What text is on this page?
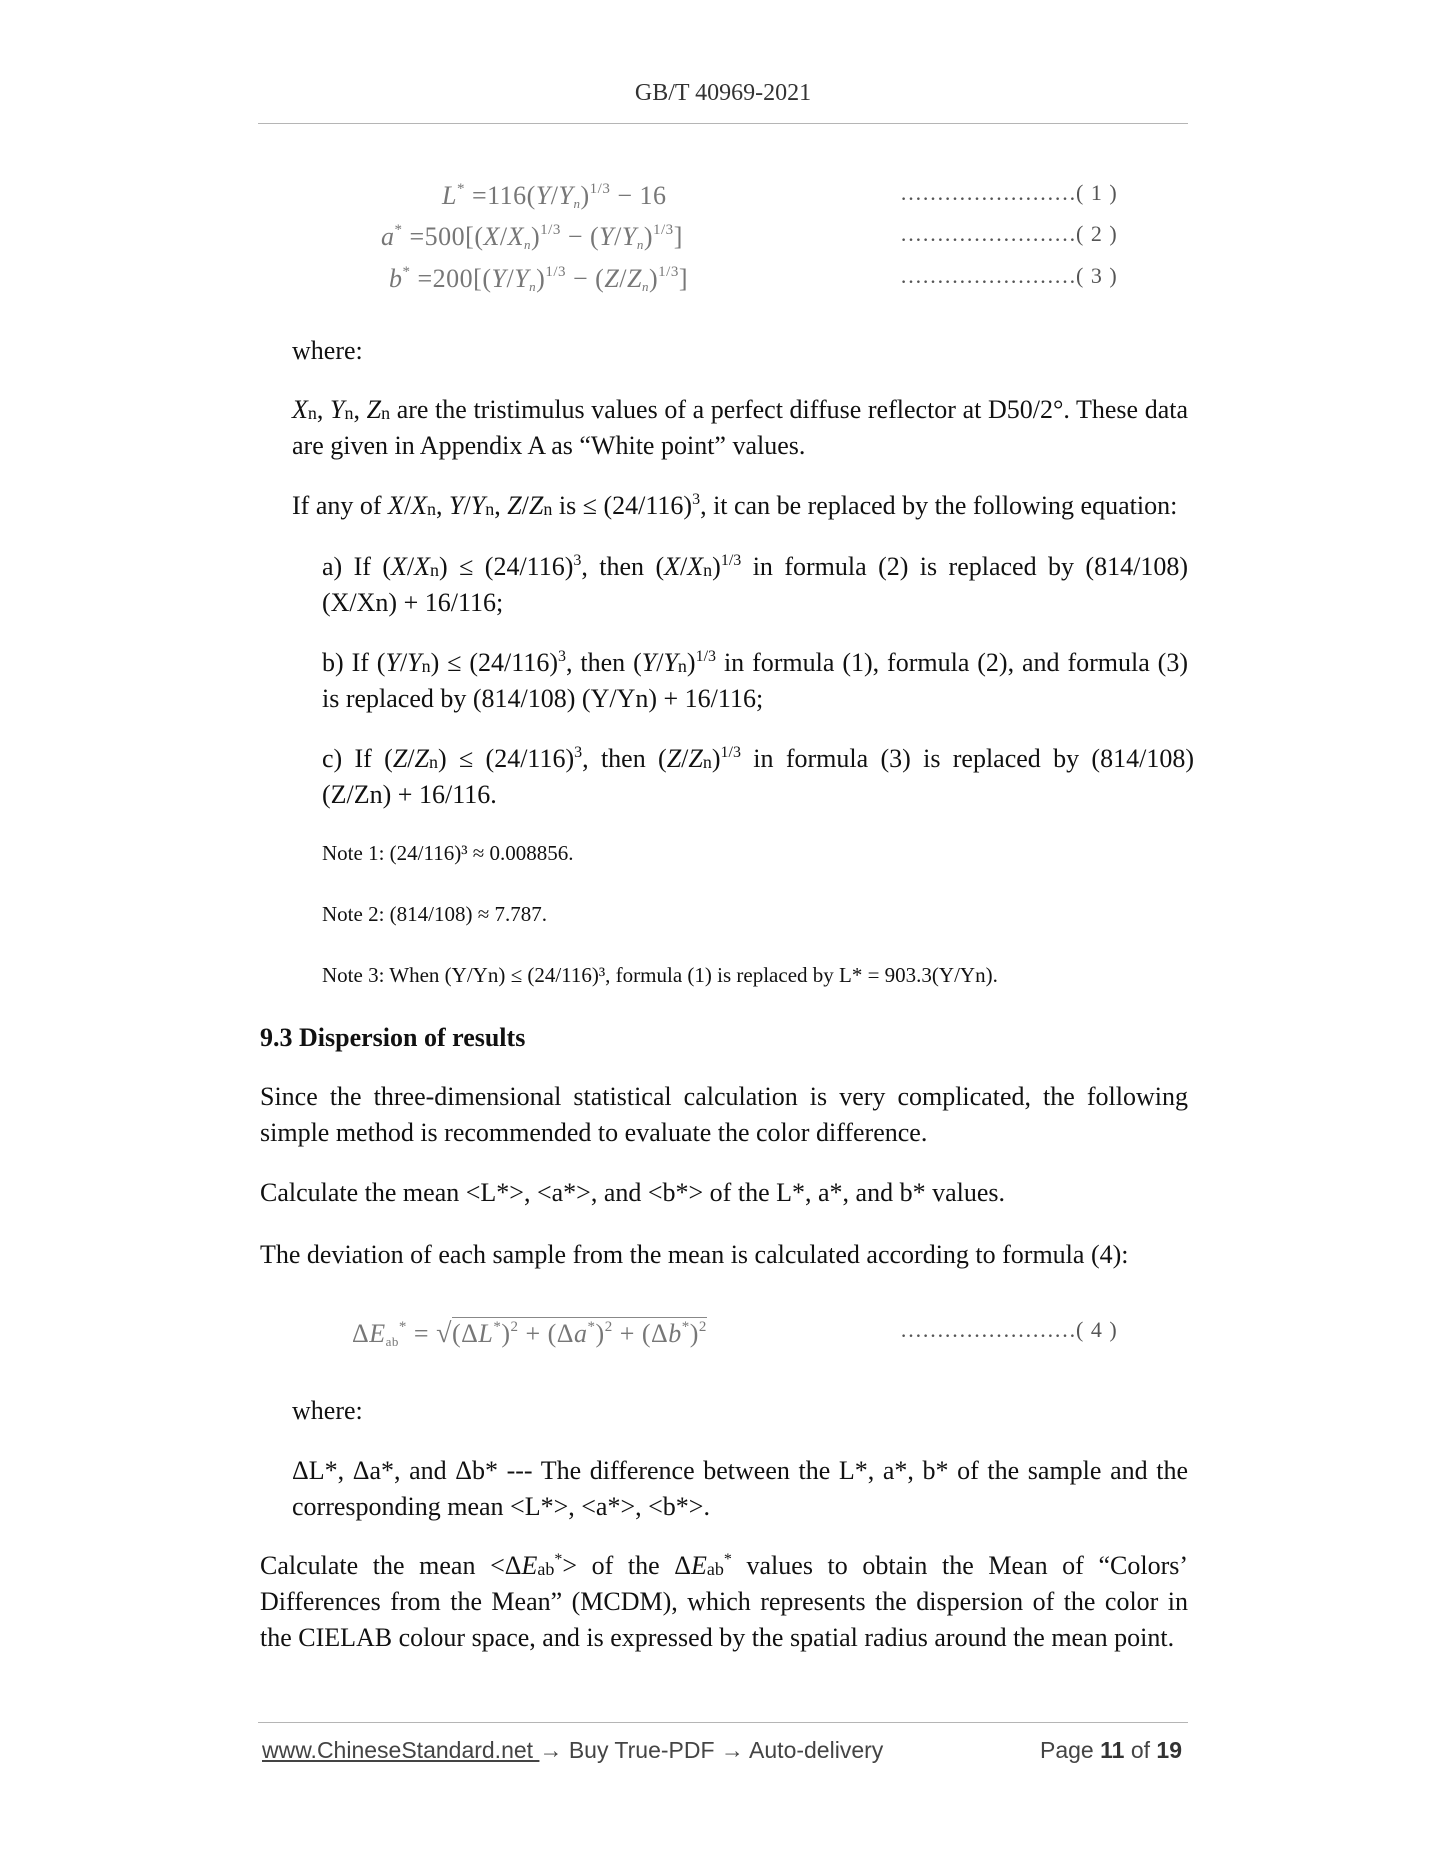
GB/T 40969-2021
$L^* =116(Y/Y_n)^{1/3} - 16$	……………………( 1 )
$a^* =500[(X/X_n)^{1/3} - (Y/Y_n)^{1/3}]$	……………………( 2 )
$b^* =200[(Y/Y_n)^{1/3} - (Z/Z_n)^{1/3}]$	……………………( 3 )
where:
$X_n$, $Y_n$, $Z_n$ are the tristimulus values of a perfect diffuse reflector at D50/2°. These data are given in Appendix A as “White point” values.
If any of $X/X_n$, $Y/Y_n$, $Z/Z_n$ is ≤ $(24/116)^3$, it can be replaced by the following equation:
a) If $(X/X_n) \le (24/116)^3$, then $(X/X_n)^{1/3}$ in formula (2) is replaced by (814/108) (X/Xn) + 16/116;
b) If $(Y/Y_n) \le (24/116)^3$, then $(Y/Y_n)^{1/3}$ in formula (1), formula (2), and formula (3) is replaced by (814/108) (Y/Yn) + 16/116;
c) If $(Z/Z_n) \le (24/116)^3$, then $(Z/Z_n)^{1/3}$ in formula (3) is replaced by (814/108) (Z/Zn) + 16/116.
Note 1: (24/116)³ ≈ 0.008856.
Note 2: (814/108) ≈ 7.787.
Note 3: When (Y/Yn) ≤ (24/116)³, formula (1) is replaced by L* = 903.3(Y/Yn).
9.3 Dispersion of results
Since the three-dimensional statistical calculation is very complicated, the following simple method is recommended to evaluate the color difference.
Calculate the mean <L*>, <a*>, and <b*> of the L*, a*, and b* values.
The deviation of each sample from the mean is calculated according to formula (4):
$\Delta E_{ab}^* = √(\Delta L^*)^2 + (\Delta a^*)^2 + (\Delta b^*)^2$	……………………( 4 )
where:
ΔL*, Δa*, and Δb* --- The difference between the L*, a*, b* of the sample and the corresponding mean <L*>, <a*>, <b*>.
Calculate the mean $<\Delta E_{ab}^*>$ of the $\Delta E_{ab}^*$ values to obtain the Mean of “Colors’ Differences from the Mean” (MCDM), which represents the dispersion of the color in the CIELAB colour space, and is expressed by the spatial radius around the mean point.
www.ChineseStandard.net → Buy True-PDF → Auto-delivery	Page 11 of 19
